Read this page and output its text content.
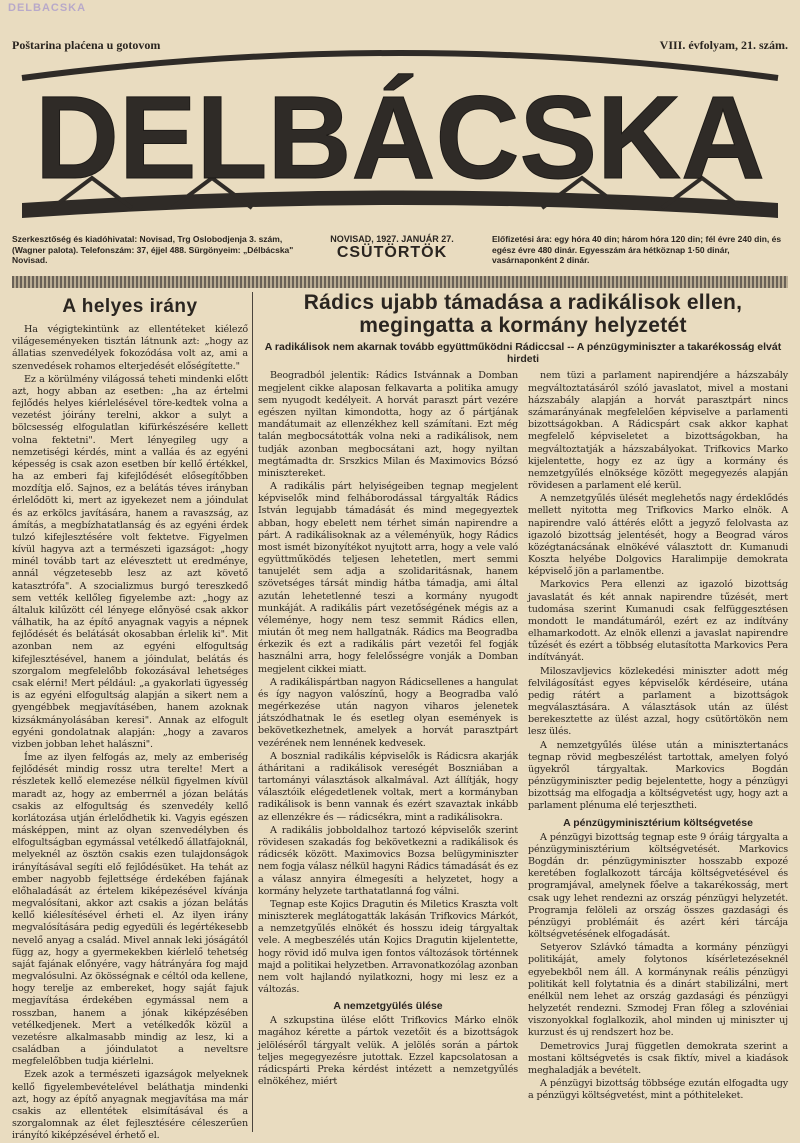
DELBACSKA
Poštarina plaćena u gotovom	VIII. évfolyam, 21. szám.
DELBÁCSKA
Szerkesztőség és kiadóhivatal: Novisad, Trg Oslobodjenja 3. szám, (Wagner palota). Telefonszám: 37, éjjel 488. Sürgönyeim: „Délbácska" Novisad.
NOVISAD, 1927. JANUÁR 27.
CSÜTÖRTÖK
Előfizetési ára: egy hóra 40 din; három hóra 120 din; fél évre 240 din, és egész évre 480 dinár. Egyesszám ára hétköznap 1·50 dinár, vasárnaponként 2 dinár.
A helyes irány

Ha végigtekintünk az ellentéteket kiélező világeseményeken tisztán látnunk azt: „hogy az állatias szenvedélyek fokozódása volt az, ami a szenvedések rohamos elterjedését előségítette."

Ez a körülmény világossá teheti mindenki előtt azt, hogy abban az esetben: „ha az értelmi fejlődés helyes kiérlelésével töre-kedtek volna a vezetést jóirány terelni, akkor a sulyt a bölcsesség elfogulatlan kifürkészésére kellett volna fektetni". Mert lényegileg ugy a nemzetiségi kérdés, mint a valláa és az egyéni képesség is csak azon esetben bír kellő értékkel, ha az emberi faj kifejlődését elősegítőbben mozdítja elő. Sajnos, ez a belátás téves irányban érlelődött ki, mert az igyekezet nem a jóindulat és az erkölcs javítására, hanem a ravaszság, az ámítás, a megbízhatatlanság és az egyéni érdek tulzó kifejlesztésére volt fektetve. Figyelmen kívül hagyva azt a természeti igazságot: „hogy minél tovább tart az elévesztett ut eredménye, annál végzetesebb lesz az azt követő katasztrófa". A szocializmus burgó tereszkedő sem vették kellőleg figyelembe azt: „hogy az általuk kilűzött cél lényege előnyösé csak akkor válhatik, ha az építő anyagnak vagyis a népnek fejlődését és belátását okosabban érlelik ki". Mit azonban nem az egyéni elfogultság kifejlesztésével, hanem a jóindulat, belátás és szorgalom megfelelőbb fokozásával lehetséges csak elérni! Mert például: „a gyakorlati ügyesség is az egyéni elfogultság alapján a sikert nem a gyengébbek megjavításében, hanem azoknak kizsákmányolásában keresi". Annak az elfogult egyéni gondolatnak alapján: „hogy a zavaros vizben jobban lehet halászni".

Íme az ilyen felfogás az, mely az emberiség fejlődését mindig rossz utra terelte! Mert a részletek kellő elemezése nélkül figyelmen kívül maradt az, hogy az emberrnél a józan belátás csakis az elfogultság és szenvedély kellő korlátozása utján érlelődhetik ki. Vagyis egészen másképpen, mint az olyan szenvedélyben és elfogultságban egymással vetélkedő állatfajoknál, melyeknél az ösztön csakis ezen tulajdonságok irányításával segíti elő fejlődésüket. Ha tehát az ember nagyobb fejlettsége érdekében fajának előhaladását az értelem kiképezésével kívánja megvalósítani, akkor azt csakis a józan belátás kellő kiélesítésével érheti el. Az ilyen irány megvalósítására pedig egyedüli és legértékesebb nevelő anyag a család. Mivel annak leki jóságától függ az, hogy a gyermekekben kiérlelő tehetség saját fajának előnyére, vagy hátrányára fog majd megvalósulni. Az ökösségnak e céltól oda kellene, hogy terelje az embereket, hogy saját fajuk megjavítása érdekében egymással nem a rosszban, hanem a jónak kiképzésében vetélkedjenek. Mert a vetélkedők közül a vezetésre alkalmasabb mindig az lesz, ki a családban a jóindulatot a neveltsre megfelelőbben tudja kiérlelni.

Ezek azok a természeti igazságok melyeknek kellő figyelembevételével beláthatja mindenki azt, hogy az építő anyagnak megjavítása ma már csakis az ellentétek elsimításával és a szorgalomnak az élet fejlesztésére céleszerűen irányító kiképzésével érhető el.

Rádics ujabb támadása a radikálisok ellen, megingatta a kormány helyzetét
A radikálisok nem akarnak tovább együttműködni Rádiccsal -- A pénzügyminiszter a takarékosság elvát hirdeti

Beogradból jelentik: Rádics Istvánnak a Domban megjelent cikke alaposan felkavarta a politika amugy sem nyugodt kedélyeit. A horvát paraszt párt vezére egészen nyiltan kimondotta, hogy az ő pártjának mandátumait az ellenzékhez kell számítani. Ezt még talán megbocsátották volna neki a radikálisok, nem tudják azonban megbocsátani azt, hogy nyiltan megtámadta dr. Srszkics Milan és Maximovics Bózsó minisztereket.

A radikális párt helyiségeiben tegnap megjelent képviselők mind felháborodással tárgyalták Rádics István legujabb támadását és mind megegyeztek abban, hogy ebelett nem térhet simán napirendre a párt. A radikálisoknak az a véleményük, hogy Rádics most ismét bizonyítékot nyujtott arra, hogy a vele való együttműködés teljesen lehetetlen, mert semmi tanujelét sem adja a szolidaritásnak, hanem szövetséges társát mindig hátba támadja, ami által azután lehetetlenné teszi a kormány nyugodt munkáját. A radikális párt vezetőségének mégis az a véleménye, hogy nem tesz semmit Rádics ellen, miután őt meg nem hallgatnák. Rádics ma Beogradba érkezik és ezt a radikális párt vezetői fel fogják használni arra, hogy felelősségre vonják a Domban megjelent cikkei miatt.

A radikálispártban nagyon Rádicsellenes a hangulat és így nagyon valószínű, hogy a Beogradba való megérkezése után nagyon viharos jelenetek játszódhatnak le és esetleg olyan események is bekövetkezhetnek, amelyek a horvát parasztpárt vezérének nem lennének kedvesek.

A bosznial radikális képviselők is Rádicsra akarják átháritani a radikálisok vereségét Boszniában a tartományi választások alkalmával. Azt állítják, hogy választóik elégedetlenek voltak, mert a kormányban radikálisok is benn vannak és ezért szavaztak inkább az ellenzékre és — rádicsékra, mint a radikálisokra.

A radikális jobboldalhoz tartozó képviselők szerint rövidesen szakadás fog bekövetkezni a radikálisok és rádicsék között. Maximovics Bozsa belügyminiszter nem fogja válasz nélkül hagyni Rádics támadását és ez a válasz annyira élmegesíti a helyzetet, hogy a kormány helyzete tarthatatlanná fog válni.

Tegnap este Kojics Dragutin és Miletics Kraszta volt miniszterek meglátogatták lakásán Trifkovics Márkót, a nemzetgyűlés elnökét és hosszu ideig tárgyaltak vele. A megbeszélés után Kojics Dragutin kijelentette, hogy rövid idő mulva igen fontos változások történnek majd a politikai helyzetben. Arravonatkozólag azonban nem volt hajlandó nyilatkozni, hogy mi lesz ez a változás.

A nemzetgyülés ülése

A szkupstina ülése előtt Trifkovics Márko elnök magához kérette a pártok vezetőit és a bizottságok jelöléséről tárgyalt velük. A jelölés során a pártok teljes megegyezésre jutottak. Ezzel kapcsolatosan a rádicspárti Preka kérdést intézett a nemzetgyűlés elnökéhez, miért

nem tüzi a parlament napirendjére a házszabály megváltoztatásáról szóló javaslatot, mivel a mostani házszabály alapján a horvát parasztpárt nincs számarányának megfelelően képviselve a parlamenti bizottságokban. A Rádicspárt csak akkor kaphat megfelelő képviseletet a bizottságokban, ha megváltoztatják a házszabályokat. Trifkovics Marko kijelentette, hogy ez az ügy a kormány és nemzetgyűlés elnöksége között megegyezés alapján rövidesen a parlament elé kerül.

A nemzetgyűlés ülését meglehetős nagy érdeklődés mellett nyitotta meg Trifkovics Marko elnök. A napirendre való áttérés előtt a jegyző felolvasta az igazoló bizottság jelentését, hogy a Beograd város közégtanácsának elnökévé választott dr. Kumanudi Koszta helyébe Dolgovics Haralimpije demokrata képviselő jön a parlamentbe.

Markovics Pera ellenzi az igazoló bizottság javaslatát és két annak napirendre tűzését, mert tudomása szerint Kumanudi csak felfüggesztésen mondott le mandátumáról, ezért ez az indítvány elhamarkodott. Az elnök ellenzi a javaslat napirendre tűzését és ezért a többség elutasította Markovics Pera indítványát.

Miloszavljevics közlekedési miniszter adott még felvilágosítást egyes képviselők kérdéseire, utána pedig rátért a parlament a bizottságok megválasztására. A választások után az ülést berekesztette az ülést azzal, hogy csütörtökön nem lesz ülés.

A nemzetgyűlés ülése után a minisztertanács tegnap rövid megbeszélést tartottak, amelyen folyó ügyekről tárgyaltak. Markovics Bogdán pénzügyminiszter pedig bejelentette, hogy a pénzügyi bizottság ma elfogadja a költségvetést ugy, hogy azt a parlament plénuma elé terjesztheti.

A pénzügyminisztérium költségvetése

A pénzügyi bizottság tegnap este 9 óráig tárgyalta a pénzügyminisztérium költségvetését. Markovics Bogdán dr. pénzügyminiszter hosszabb expozé keretében foglalkozott tárcája költségvetésével és programjával, amelynek főelve a takarékosság, mert csak ugy lehet rendezni az ország pénzügyi helyzetét. Programja felöleli az ország összes gazdasági és pénzügyi problémáit és azért kéri tárcája költségvetésének elfogadását.

Setyerov Szlávkó támadta a kormány pénzügyi politikáját, amely folytonos kísérletezéseknél egyebekből nem áll. A kormánynak reális pénzügyi politikát kell folytatnia és a dinárt stabilizálni, mert enélkül nem lehet az ország gazdasági és pénzügyi helyzetét rendezni. Szmodej Fran főleg a szlovéniai viszonyokkal foglalkozik, ahol minden uj miniszter uj kurzust és uj rendszert hoz be.

Demetrovics Juraj független demokrata szerint a mostani költségvetés is csak fiktív, mivel a kiadások meghaladják a bevételt.

A pénzügyi bizottság többsége ezután elfogadta ugy a pénzügyi költségvetést, mint a póthiteleket.
